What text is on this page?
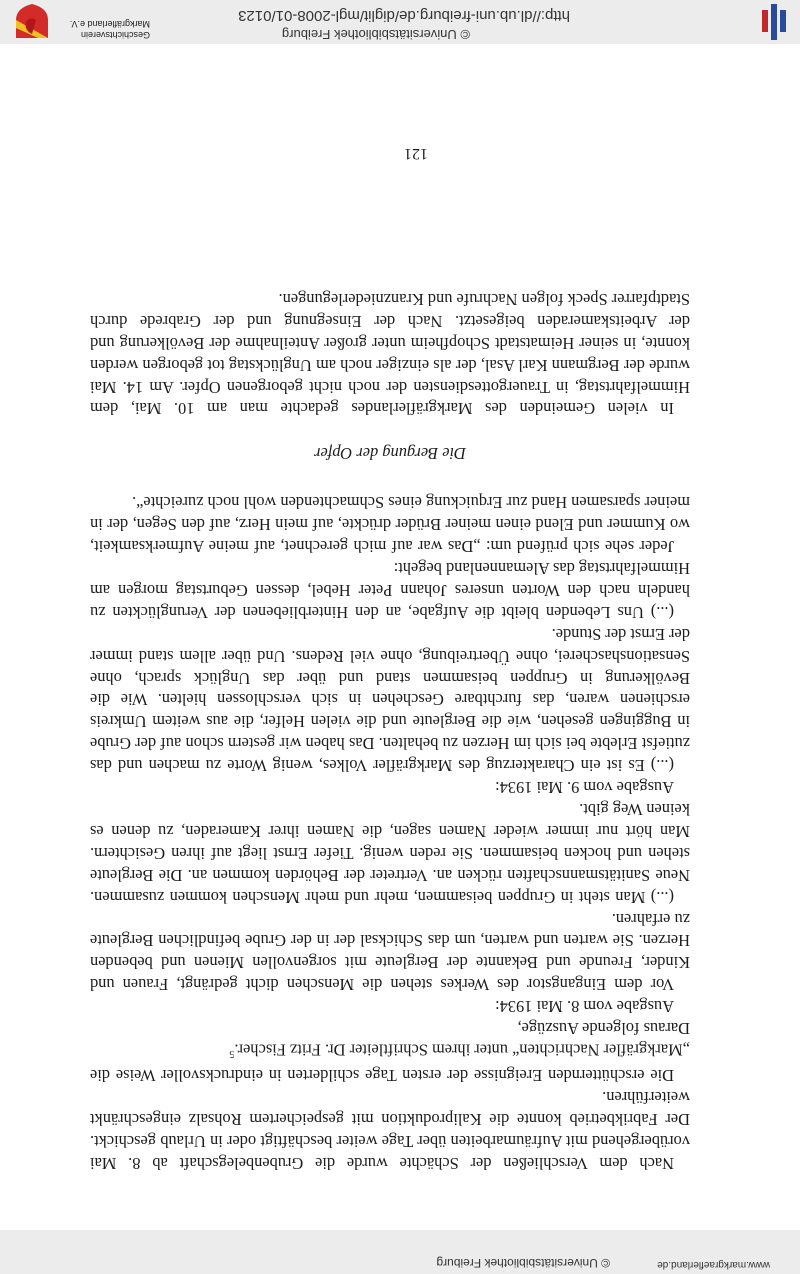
© Universitätsbibliothek Freiburg	www.markgraeflerland.de

Nach dem Verschließen der Schächte wurde die Grubenbelegschaft ab 8. Mai vorübergehend mit Aufräumarbeiten über Tage weiter beschäftigt oder in Urlaub geschickt. Der Fabrikbetrieb konnte die Kaliproduktion mit gespeichertem Rohsalz eingeschränkt weiterführen.

Die erschütternden Ereignisse der ersten Tage schilderten in eindrucksvoller Weise die „Markgräfler Nachrichten“ unter ihrem Schriftleiter Dr. Fritz Fischer.$^5$

Daraus folgende Auszüge,

Ausgabe vom 8. Mai 1934:

Vor dem Eingangstor des Werkes stehen die Menschen dicht gedrängt, Frauen und Kinder, Freunde und Bekannte der Bergleute mit sorgenvollen Mienen und bebenden Herzen. Sie warten und warten, um das Schicksal der in der Grube befindlichen Bergleute zu erfahren.

(...) Man steht in Gruppen beisammen, mehr und mehr Menschen kommen zusammen. Neue Sanitätsmannschaften rücken an. Vertreter der Behörden kommen an. Die Bergleute stehen und hocken beisammen. Sie reden wenig. Tiefer Ernst liegt auf ihren Gesichtern. Man hört nur immer wieder Namen sagen, die Namen ihrer Kameraden, zu denen es keinen Weg gibt.

Ausgabe vom 9. Mai 1934:

(...) Es ist ein Charakterzug des Markgräfler Volkes, wenig Worte zu machen und das zutiefst Erlebte bei sich im Herzen zu behalten. Das haben wir gestern schon auf der Grube in Buggingen gesehen, wie die Bergleute und die vielen Helfer, die aus weitem Umkreis erschienen waren, das furchtbare Geschehen in sich verschlossen hielten. Wie die Bevölkerung in Gruppen beisammen stand und über das Unglück sprach, ohne Sensationshascherei, ohne Übertreibung, ohne viel Redens. Und über allem stand immer der Ernst der Stunde.

(...) Uns Lebenden bleibt die Aufgabe, an den Hinterbliebenen der Verunglückten zu handeln nach den Worten unseres Johann Peter Hebel, dessen Geburtstag morgen am Himmelfahrtstag das Alemannenland begeht:

Jeder sehe sich prüfend um: „Das war auf mich gerechnet, auf meine Aufmerksamkeit, wo Kummer und Elend einen meiner Brüder drückte, auf mein Herz, auf den Segen, der in meiner sparsamen Hand zur Erquickung eines Schmachtenden wohl noch zureichte“.

Die Bergung der Opfer

In vielen Gemeinden des Markgräflerlandes gedachte man am 10. Mai, dem Himmelfahrtstag, in Trauergottesdiensten der noch nicht geborgenen Opfer. Am 14. Mai wurde der Bergmann Karl Asal, der als einziger noch am Unglückstag tot geborgen werden konnte, in seiner Heimatstadt Schopfheim unter großer Anteilnahme der Bevölkerung und der Arbeitskameraden beigesetzt. Nach der Einsegnung und der Grabrede durch Stadtpfarrer Speck folgen Nachrufe und Kranzniederlegungen.

121
http://dl.ub.uni-freiburg.de/diglit/mgl-2008-01/0123
© Universitätsbibliothek Freiburg
Geschichtsverein
Markgräflerland e.V.
